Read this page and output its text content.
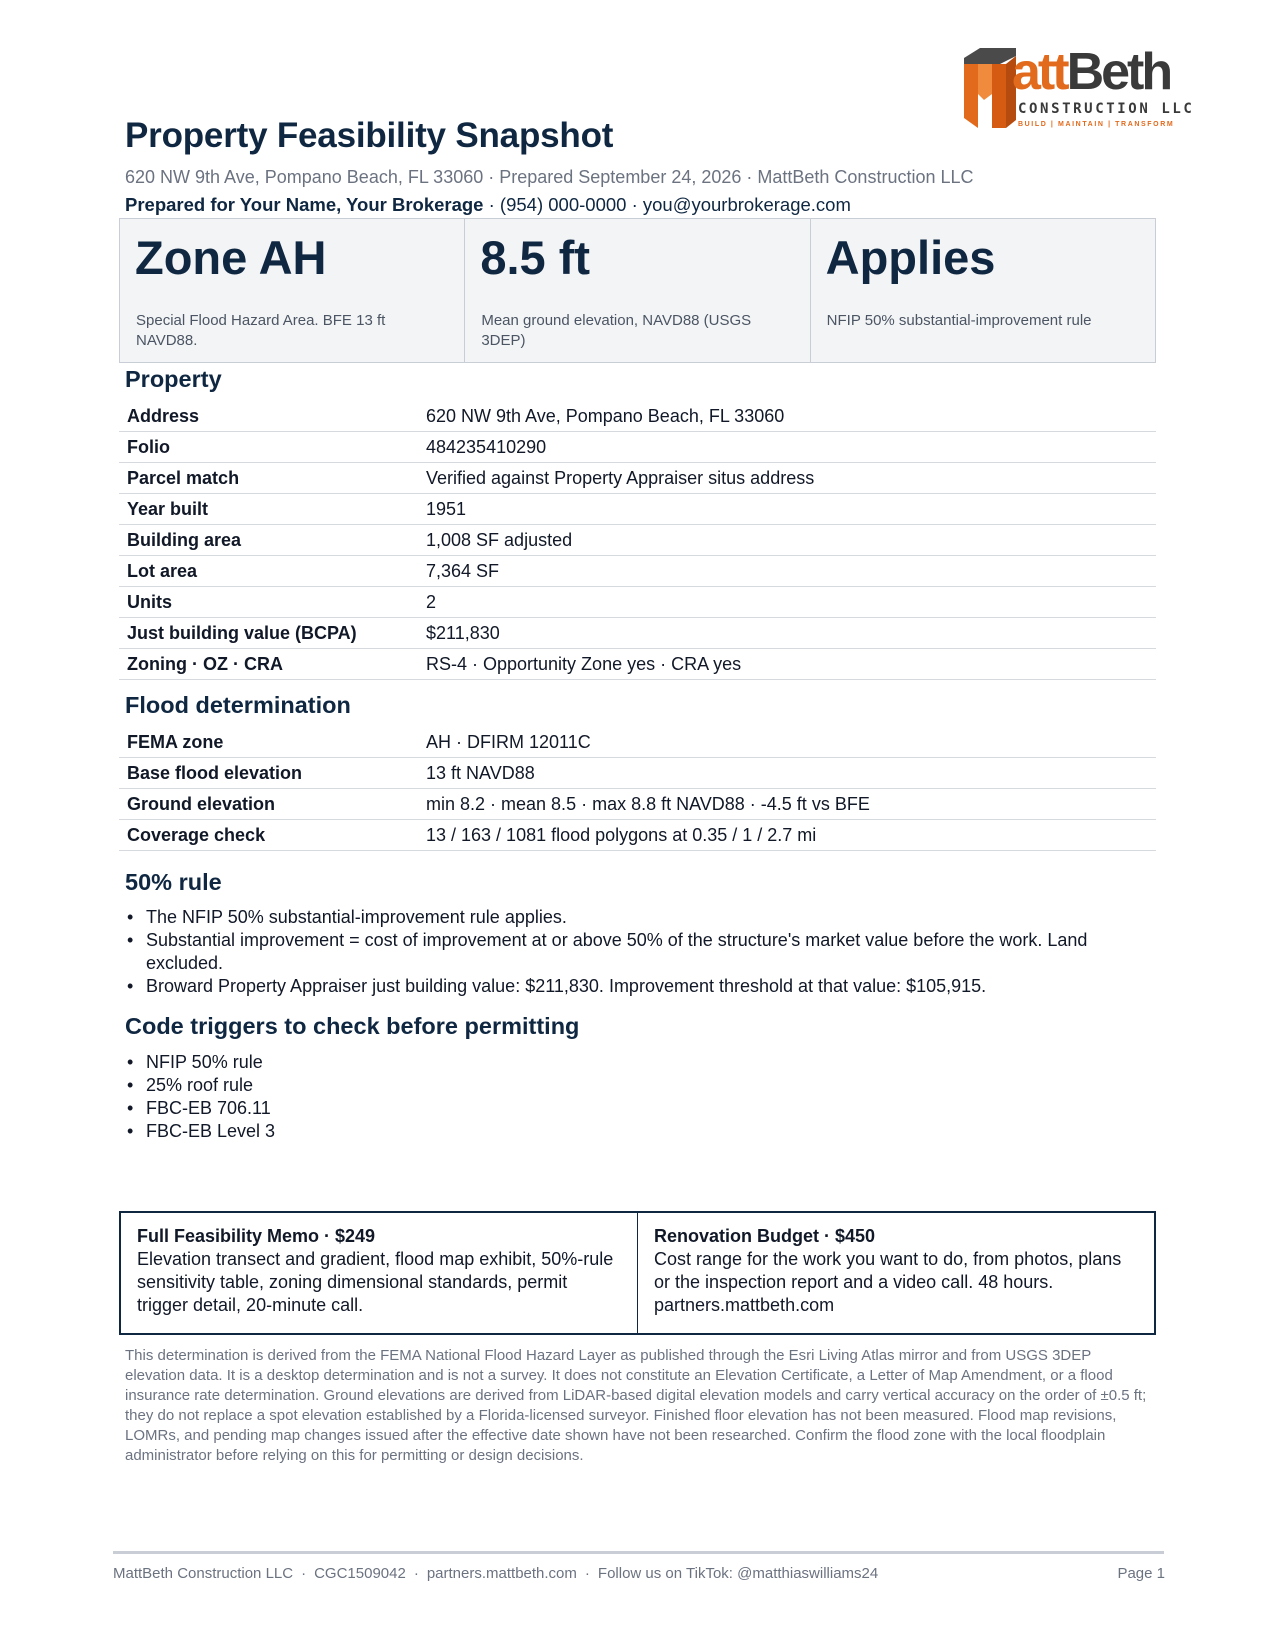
attBeth
CONSTRUCTION LLC
BUILD | MAINTAIN | TRANSFORM
Property Feasibility Snapshot
620 NW 9th Ave, Pompano Beach, FL 33060 · Prepared September 24, 2026 · MattBeth Construction LLC
Prepared for Your Name, Your Brokerage · (954) 000-0000 · you@yourbrokerage.com
Zone AH
Special Flood Hazard Area. BFE 13 ft NAVD88.
8.5 ft
Mean ground elevation, NAVD88 (USGS 3DEP)
Applies
NFIP 50% substantial-improvement rule
Property
Address	620 NW 9th Ave, Pompano Beach, FL 33060
Folio	484235410290
Parcel match	Verified against Property Appraiser situs address
Year built	1951
Building area	1,008 SF adjusted
Lot area	7,364 SF
Units	2
Just building value (BCPA)	$211,830
Zoning · OZ · CRA	RS-4 · Opportunity Zone yes · CRA yes
Flood determination
FEMA zone	AH · DFIRM 12011C
Base flood elevation	13 ft NAVD88
Ground elevation	min 8.2 · mean 8.5 · max 8.8 ft NAVD88 · -4.5 ft vs BFE
Coverage check	13 / 163 / 1081 flood polygons at 0.35 / 1 / 2.7 mi
50% rule
• The NFIP 50% substantial-improvement rule applies.
• Substantial improvement = cost of improvement at or above 50% of the structure's market value before the work. Land excluded.
• Broward Property Appraiser just building value: $211,830. Improvement threshold at that value: $105,915.
Code triggers to check before permitting
• NFIP 50% rule
• 25% roof rule
• FBC-EB 706.11
• FBC-EB Level 3
Full Feasibility Memo · $249
Elevation transect and gradient, flood map exhibit, 50%-rule sensitivity table, zoning dimensional standards, permit trigger detail, 20-minute call.
Renovation Budget · $450
Cost range for the work you want to do, from photos, plans or the inspection report and a video call. 48 hours. partners.mattbeth.com
This determination is derived from the FEMA National Flood Hazard Layer as published through the Esri Living Atlas mirror and from USGS 3DEP elevation data. It is a desktop determination and is not a survey. It does not constitute an Elevation Certificate, a Letter of Map Amendment, or a flood insurance rate determination. Ground elevations are derived from LiDAR-based digital elevation models and carry vertical accuracy on the order of ±0.5 ft; they do not replace a spot elevation established by a Florida-licensed surveyor. Finished floor elevation has not been measured. Flood map revisions, LOMRs, and pending map changes issued after the effective date shown have not been researched. Confirm the flood zone with the local floodplain administrator before relying on this for permitting or design decisions.
MattBeth Construction LLC · CGC1509042 · partners.mattbeth.com · Follow us on TikTok: @matthiaswilliams24	Page 1
